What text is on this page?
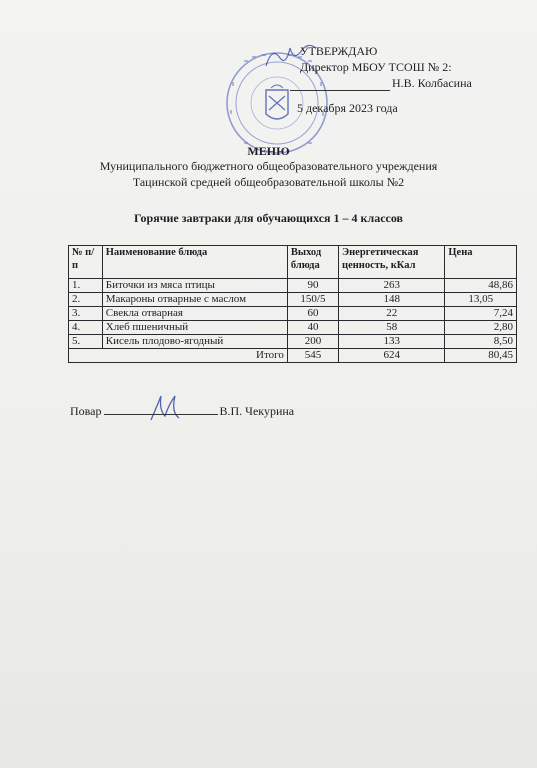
УТВЕРЖДАЮ
Директор МБОУ ТСОШ № 2:
Н.В. Колбасина
5 декабря 2023 года
МЕНЮ
Муниципального бюджетного общеобразовательного учреждения
Тацинской средней общеобразовательной школы №2
Горячие завтраки для обучающихся 1 – 4 классов
№ п/п	Наименование блюда	Выход блюда	Энергетическая ценность, кКал	Цена
1.	Биточки из мяса птицы	90	263	48,86
2.	Макароны отварные с маслом	150/5	148	13,05
3.	Свекла отварная	60	22	7,24
4.	Хлеб пшеничный	40	58	2,80
5.	Кисель плодово-ягодный	200	133	8,50
Итого		545	624	80,45
Повар	В.П. Чекурина
